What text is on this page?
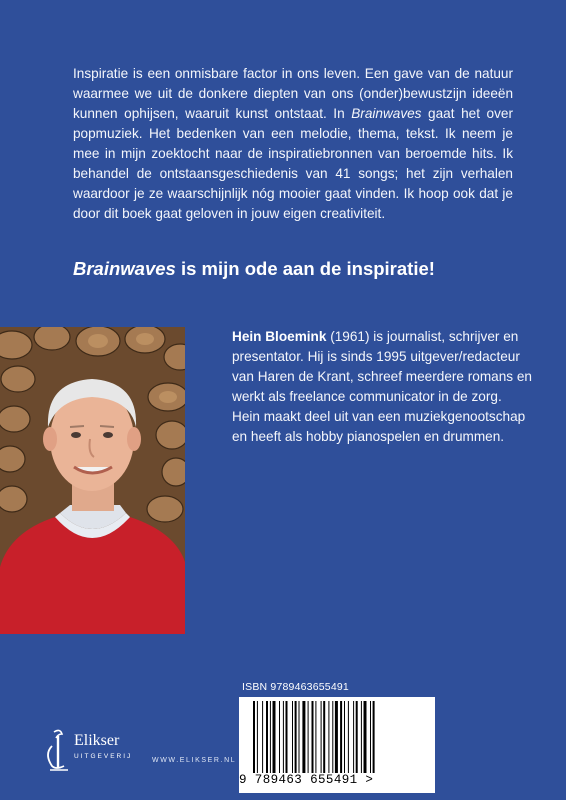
Inspiratie is een onmisbare factor in ons leven. Een gave van de natuur waarmee we uit de donkere diepten van ons (onder)bewustzijn ideeën kunnen ophijsen, waaruit kunst ontstaat. In Brainwaves gaat het over popmuziek. Het bedenken van een melodie, thema, tekst. Ik neem je mee in mijn zoektocht naar de inspiratiebronnen van beroemde hits. Ik behandel de ontstaansgeschiedenis van 41 songs; het zijn verhalen waardoor je ze waarschijnlijk nóg mooier gaat vinden. Ik hoop ook dat je door dit boek gaat geloven in jouw eigen creativiteit.

Brainwaves is mijn ode aan de inspiratie!

Hein Bloemink (1961) is journalist, schrijver en presentator. Hij is sinds 1995 uitgever/redacteur van Haren de Krant, schreef meerdere romans en werkt als freelance communicator in de zorg. Hein maakt deel uit van een muziekgenootschap en heeft als hobby pianospelen en drummen.

ISBN 9789463655491
9 789463 655491 >
Elikser
UITGEVERIJ
WWW.ELIKSER.NL
